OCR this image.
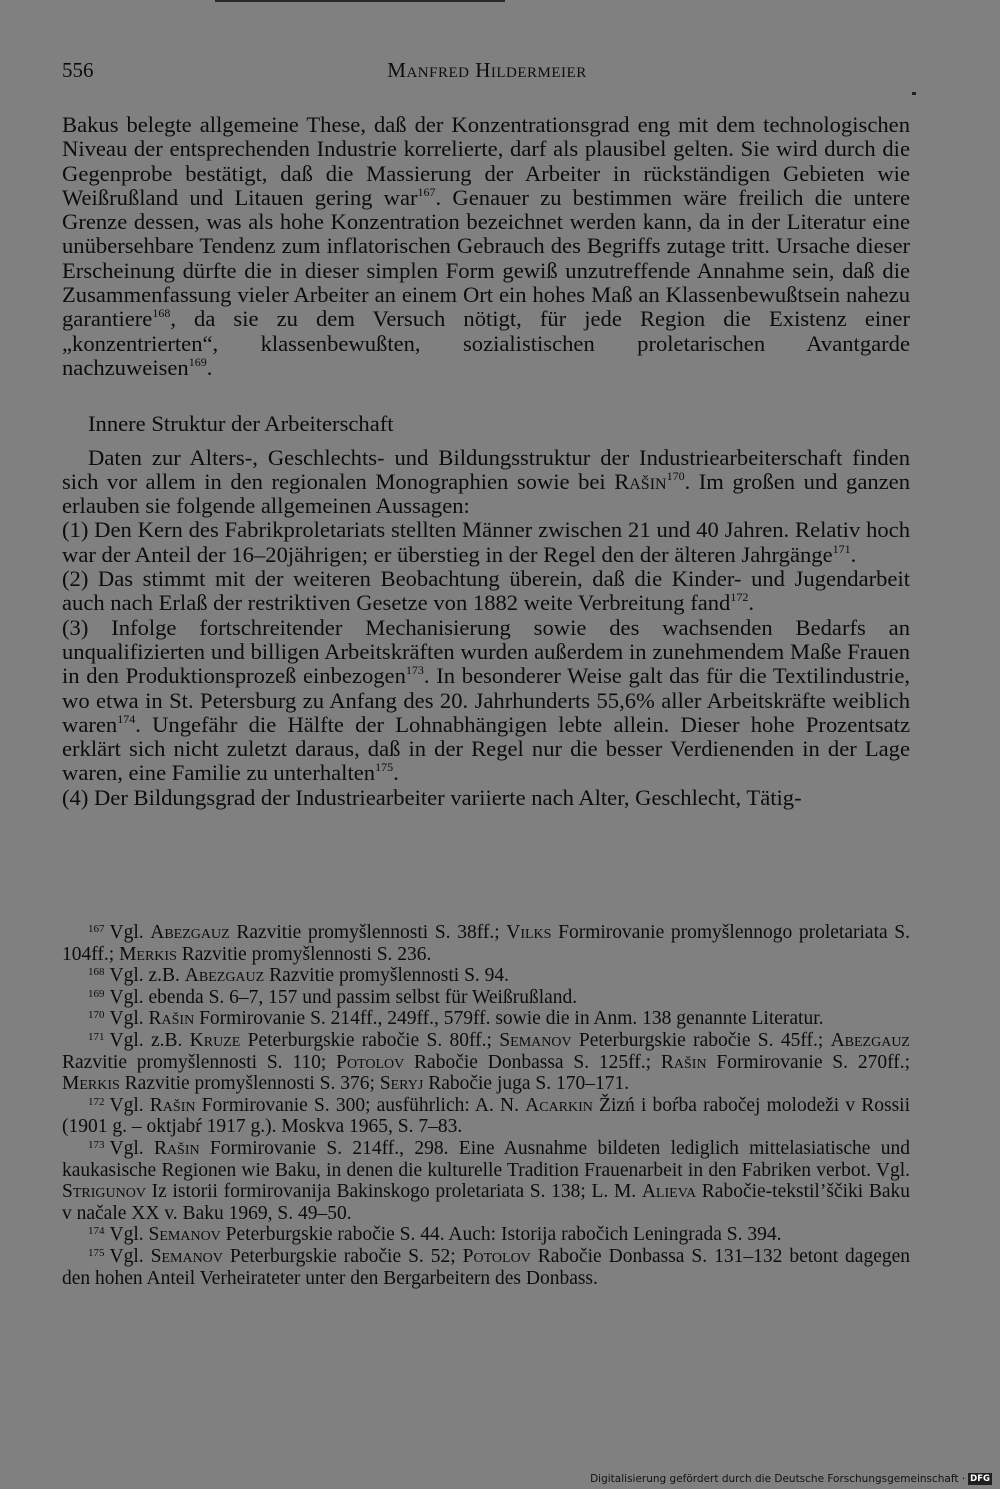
556	Manfred Hildermeier

Bakus belegte allgemeine These, daß der Konzentrationsgrad eng mit dem technologischen Niveau der entsprechenden Industrie korrelierte, darf als plausibel gelten. Sie wird durch die Gegenprobe bestätigt, daß die Massierung der Arbeiter in rückständigen Gebieten wie Weißrußland und Litauen gering war$^{167}$. Genauer zu bestimmen wäre freilich die untere Grenze dessen, was als hohe Konzentration bezeichnet werden kann, da in der Literatur eine unübersehbare Tendenz zum inflatorischen Gebrauch des Begriffs zutage tritt. Ursache dieser Erscheinung dürfte die in dieser simplen Form gewiß unzutreffende Annahme sein, daß die Zusammenfassung vieler Arbeiter an einem Ort ein hohes Maß an Klassenbewußtsein nahezu garantiere$^{168}$, da sie zu dem Versuch nötigt, für jede Region die Existenz einer „konzentrierten“, klassenbewußten, sozialistischen proletarischen Avantgarde nachzuweisen$^{169}$.

Innere Struktur der Arbeiterschaft

Daten zur Alters-, Geschlechts- und Bildungsstruktur der Industriearbeiterschaft finden sich vor allem in den regionalen Monographien sowie bei Rašin$^{170}$. Im großen und ganzen erlauben sie folgende allgemeinen Aussagen:

(1) Den Kern des Fabrikproletariats stellten Männer zwischen 21 und 40 Jahren. Relativ hoch war der Anteil der 16–20jährigen; er überstieg in der Regel den der älteren Jahrgänge$^{171}$.

(2) Das stimmt mit der weiteren Beobachtung überein, daß die Kinder- und Jugendarbeit auch nach Erlaß der restriktiven Gesetze von 1882 weite Verbreitung fand$^{172}$.

(3) Infolge fortschreitender Mechanisierung sowie des wachsenden Bedarfs an unqualifizierten und billigen Arbeitskräften wurden außerdem in zunehmendem Maße Frauen in den Produktionsprozeß einbezogen$^{173}$. In besonderer Weise galt das für die Textilindustrie, wo etwa in St. Petersburg zu Anfang des 20. Jahrhunderts 55,6% aller Arbeitskräfte weiblich waren$^{174}$. Ungefähr die Hälfte der Lohnabhängigen lebte allein. Dieser hohe Prozentsatz erklärt sich nicht zuletzt daraus, daß in der Regel nur die besser Verdienenden in der Lage waren, eine Familie zu unterhalten$^{175}$.

(4) Der Bildungsgrad der Industriearbeiter variierte nach Alter, Geschlecht, Tätig-

$^{167}$ Vgl. Abezgauz Razvitie promyšlennosti S. 38ff.; Vilks Formirovanie promyšlennogo proletariata S. 104ff.; Merkis Razvitie promyšlennosti S. 236.

$^{168}$ Vgl. z.B. Abezgauz Razvitie promyšlennosti S. 94.

$^{169}$ Vgl. ebenda S. 6–7, 157 und passim selbst für Weißrußland.

$^{170}$ Vgl. Rašin Formirovanie S. 214ff., 249ff., 579ff. sowie die in Anm. 138 genannte Literatur.

$^{171}$ Vgl. z.B. Kruze Peterburgskie rabočie S. 80ff.; Semanov Peterburgskie rabočie S. 45ff.; Abezgauz Razvitie promyšlennosti S. 110; Potolov Rabočie Donbassa S. 125ff.; Rašin Formirovanie S. 270ff.; Merkis Razvitie promyšlennosti S. 376; Seryj Rabočie juga S. 170–171.

$^{172}$ Vgl. Rašin Formirovanie S. 300; ausführlich: A. N. Acarkin Žizń i boŕba rabočej molodeži v Rossii (1901 g. – oktjabŕ 1917 g.). Moskva 1965, S. 7–83.

$^{173}$ Vgl. Rašin Formirovanie S. 214ff., 298. Eine Ausnahme bildeten lediglich mittelasiatische und kaukasische Regionen wie Baku, in denen die kulturelle Tradition Frauenarbeit in den Fabriken verbot. Vgl. Strigunov Iz istorii formirovanija Bakinskogo proletariata S. 138; L. M. Alieva Rabočie-tekstil’ščiki Baku v načale XX v. Baku 1969, S. 49–50.

$^{174}$ Vgl. Semanov Peterburgskie rabočie S. 44. Auch: Istorija rabočich Leningrada S. 394.

$^{175}$ Vgl. Semanov Peterburgskie rabočie S. 52; Potolov Rabočie Donbassa S. 131–132 betont dagegen den hohen Anteil Verheirateter unter den Bergarbeitern des Donbass.

Digitalisierung gefördert durch die Deutsche Forschungsgemeinschaft · DFG
